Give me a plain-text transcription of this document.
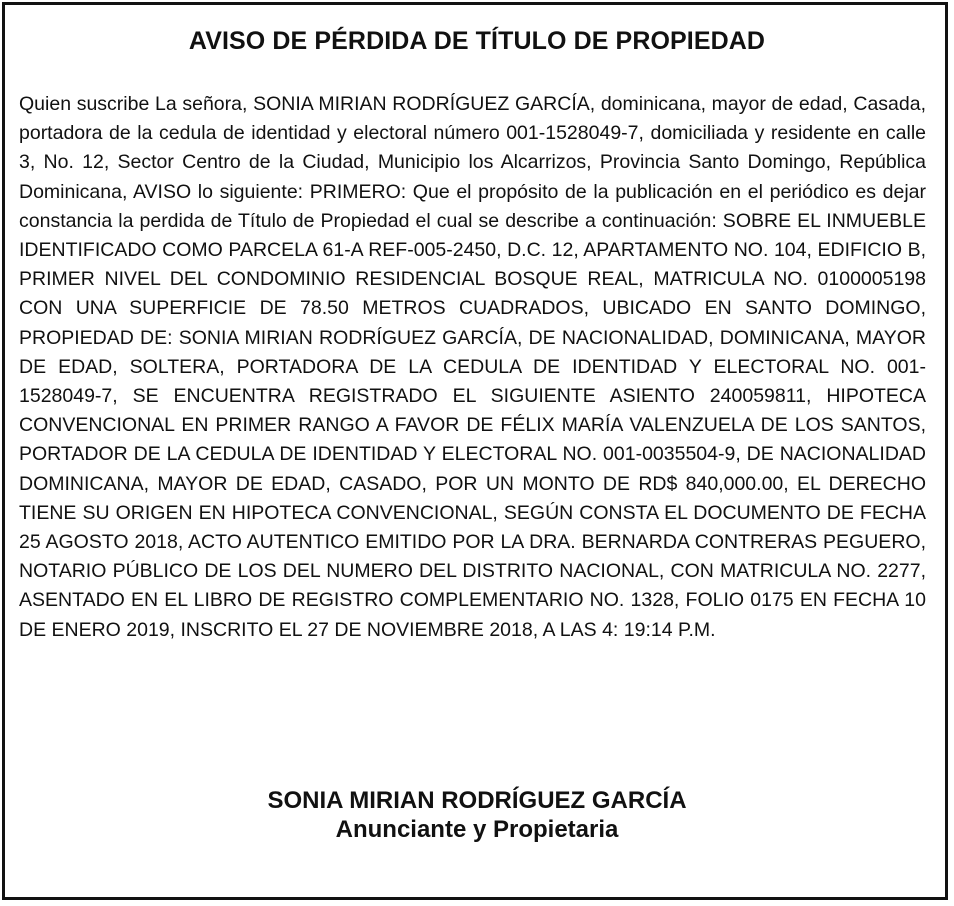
AVISO DE PÉRDIDA DE TÍTULO DE PROPIEDAD
Quien suscribe La señora, SONIA MIRIAN RODRÍGUEZ GARCÍA, dominicana, mayor de edad, Casada, portadora de la cedula de identidad y electoral número 001-1528049-7, domiciliada y residente en calle 3, No. 12, Sector Centro de la Ciudad, Municipio los Alcarrizos, Provincia Santo Domingo, República Dominicana, AVISO lo siguiente: PRIMERO: Que el propósito de la publicación en el periódico es dejar constancia la perdida de Título de Propiedad el cual se describe a continuación: SOBRE EL INMUEBLE IDENTIFICADO COMO PARCELA 61-A REF-005-2450, D.C. 12, APARTAMENTO NO. 104, EDIFICIO B, PRIMER NIVEL DEL CONDOMINIO RESIDENCIAL BOSQUE REAL, MATRICULA NO. 0100005198 CON UNA SUPERFICIE DE 78.50 METROS CUADRADOS, UBICADO EN SANTO DOMINGO, PROPIEDAD DE: SONIA MIRIAN RODRÍGUEZ GARCÍA, DE NACIONALIDAD, DOMINICANA, MAYOR DE EDAD, SOLTERA, PORTADORA DE LA CEDULA DE IDENTIDAD Y ELECTORAL NO. 001-1528049-7, SE ENCUENTRA REGISTRADO EL SIGUIENTE ASIENTO 240059811, HIPOTECA CONVENCIONAL EN PRIMER RANGO A FAVOR DE FÉLIX MARÍA VALENZUELA DE LOS SANTOS, PORTADOR DE LA CEDULA DE IDENTIDAD Y ELECTORAL NO. 001-0035504-9, DE NACIONALIDAD DOMINICANA, MAYOR DE EDAD, CASADO, POR UN MONTO DE RD$ 840,000.00, EL DERECHO TIENE SU ORIGEN EN HIPOTECA CONVENCIONAL, SEGÚN CONSTA EL DOCUMENTO DE FECHA 25 AGOSTO 2018, ACTO AUTENTICO EMITIDO POR LA DRA. BERNARDA CONTRERAS PEGUERO, NOTARIO PÚBLICO DE LOS DEL NUMERO DEL DISTRITO NACIONAL, CON MATRICULA NO. 2277, ASENTADO EN EL LIBRO DE REGISTRO COMPLEMENTARIO NO. 1328, FOLIO 0175 EN FECHA 10 DE ENERO 2019, INSCRITO EL 27 DE NOVIEMBRE 2018, A LAS 4: 19:14 P.M.
SONIA MIRIAN RODRÍGUEZ GARCÍA
Anunciante y Propietaria
